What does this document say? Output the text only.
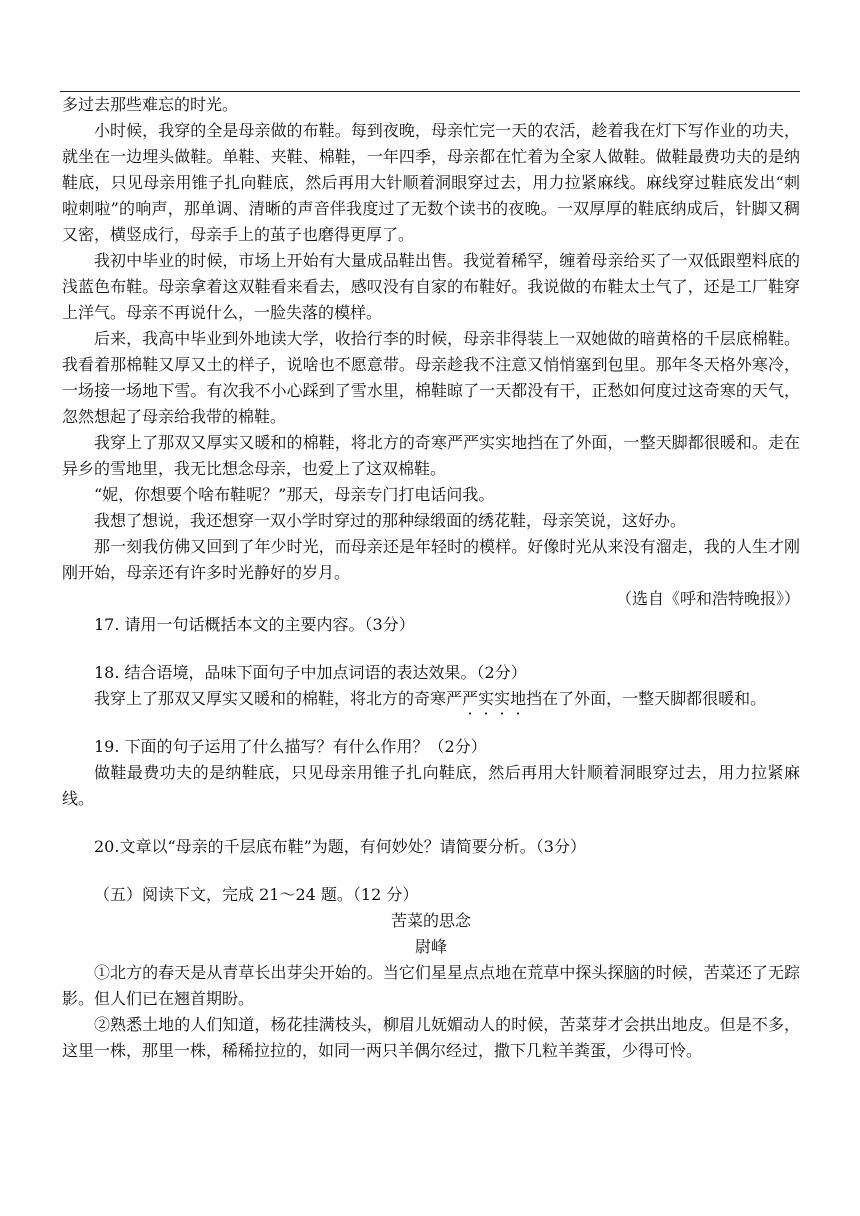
多过去那些难忘的时光。

小时候，我穿的全是母亲做的布鞋。每到夜晚，母亲忙完一天的农活，趁着我在灯下写作业的功夫，就坐在一边埋头做鞋。单鞋、夹鞋、棉鞋，一年四季，母亲都在忙着为全家人做鞋。做鞋最费功夫的是纳鞋底，只见母亲用锥子扎向鞋底，然后再用大针顺着洞眼穿过去，用力拉紧麻线。麻线穿过鞋底发出“刺啦刺啦”的响声，那单调、清晰的声音伴我度过了无数个读书的夜晚。一双厚厚的鞋底纳成后，针脚又稠又密，横竖成行，母亲手上的茧子也磨得更厚了。

我初中毕业的时候，市场上开始有大量成品鞋出售。我觉着稀罕，缠着母亲给买了一双低跟塑料底的浅蓝色布鞋。母亲拿着这双鞋看来看去，感叹没有自家的布鞋好。我说做的布鞋太土气了，还是工厂鞋穿上洋气。母亲不再说什么，一脸失落的模样。

后来，我高中毕业到外地读大学，收拾行李的时候，母亲非得装上一双她做的暗黄格的千层底棉鞋。我看着那棉鞋又厚又土的样子，说啥也不愿意带。母亲趁我不注意又悄悄塞到包里。那年冬天格外寒冷，一场接一场地下雪。有次我不小心踩到了雪水里，棉鞋晾了一天都没有干，正愁如何度过这奇寒的天气，忽然想起了母亲给我带的棉鞋。

我穿上了那双又厚实又暖和的棉鞋，将北方的奇寒严严实实地挡在了外面，一整天脚都很暖和。走在异乡的雪地里，我无比想念母亲，也爱上了这双棉鞋。

“妮，你想要个啥布鞋呢？”那天，母亲专门打电话问我。

我想了想说，我还想穿一双小学时穿过的那种绿缎面的绣花鞋，母亲笑说，这好办。

那一刻我仿佛又回到了年少时光，而母亲还是年轻时的模样。好像时光从来没有溜走，我的人生才刚刚开始，母亲还有许多时光静好的岁月。

（选自《呼和浩特晚报》）

17. 请用一句话概括本文的主要内容。（3分）

18. 结合语境，品味下面句子中加点词语的表达效果。（2分）

我穿上了那双又厚实又暖和的棉鞋，将北方的奇寒严严实实地挡在了外面，一整天脚都很暖和。

19. 下面的句子运用了什么描写？有什么作用？（2分）

做鞋最费功夫的是纳鞋底，只见母亲用锥子扎向鞋底，然后再用大针顺着洞眼穿过去，用力拉紧麻线。

20.文章以“母亲的千层底布鞋”为题，有何妙处？请简要分析。（3分）

（五）阅读下文，完成 21～24 题。（12 分）

苦菜的思念

尉峰

①北方的春天是从青草长出芽尖开始的。当它们星星点点地在荒草中探头探脑的时候，苦菜还了无踪影。但人们已在翘首期盼。

②熟悉土地的人们知道，杨花挂满枝头，柳眉儿妩媚动人的时候，苦菜芽才会拱出地皮。但是不多，这里一株，那里一株，稀稀拉拉的，如同一两只羊偶尔经过，撒下几粒羊粪蛋，少得可怜。
